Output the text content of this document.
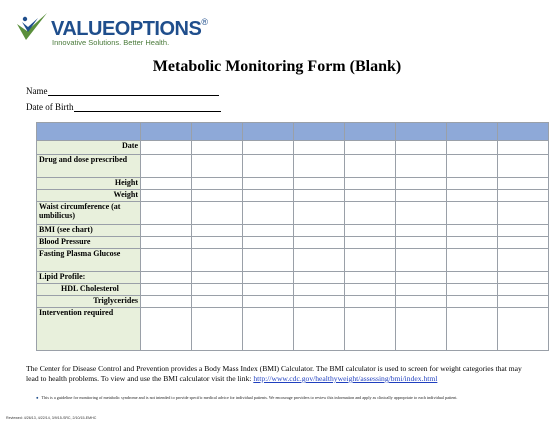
VALUEOPTIONS®
Innovative Solutions. Better Health.
Metabolic Monitoring Form (Blank)
Name
Date of Birth

Date								
Drug and dose prescribed								
Height								
Weight								
Waist circumference (at umbilicus)								
BMI (see chart)								
Blood Pressure								
Fasting Plasma Glucose								
Lipid Profile:								
HDL Cholesterol								
Triglycerides								
Intervention required								
The Center for Disease Control and Prevention provides a Body Mass Index (BMI) Calculator. The BMI calculator is used to screen for weight categories that may lead to health problems. To view and use the BMI calculator visit the link: http://www.cdc.gov/healthyweight/assessing/bmi/index.html
● This is a guideline for monitoring of metabolic syndrome and is not intended to provide specific medical advice for individual patients. We encourage providers to review this information and apply as clinically appropriate to each individual patient.
Reviewed: 4/26/13, 4/22/14, 3/9/15-SRC, 2/10/15-EMHC
